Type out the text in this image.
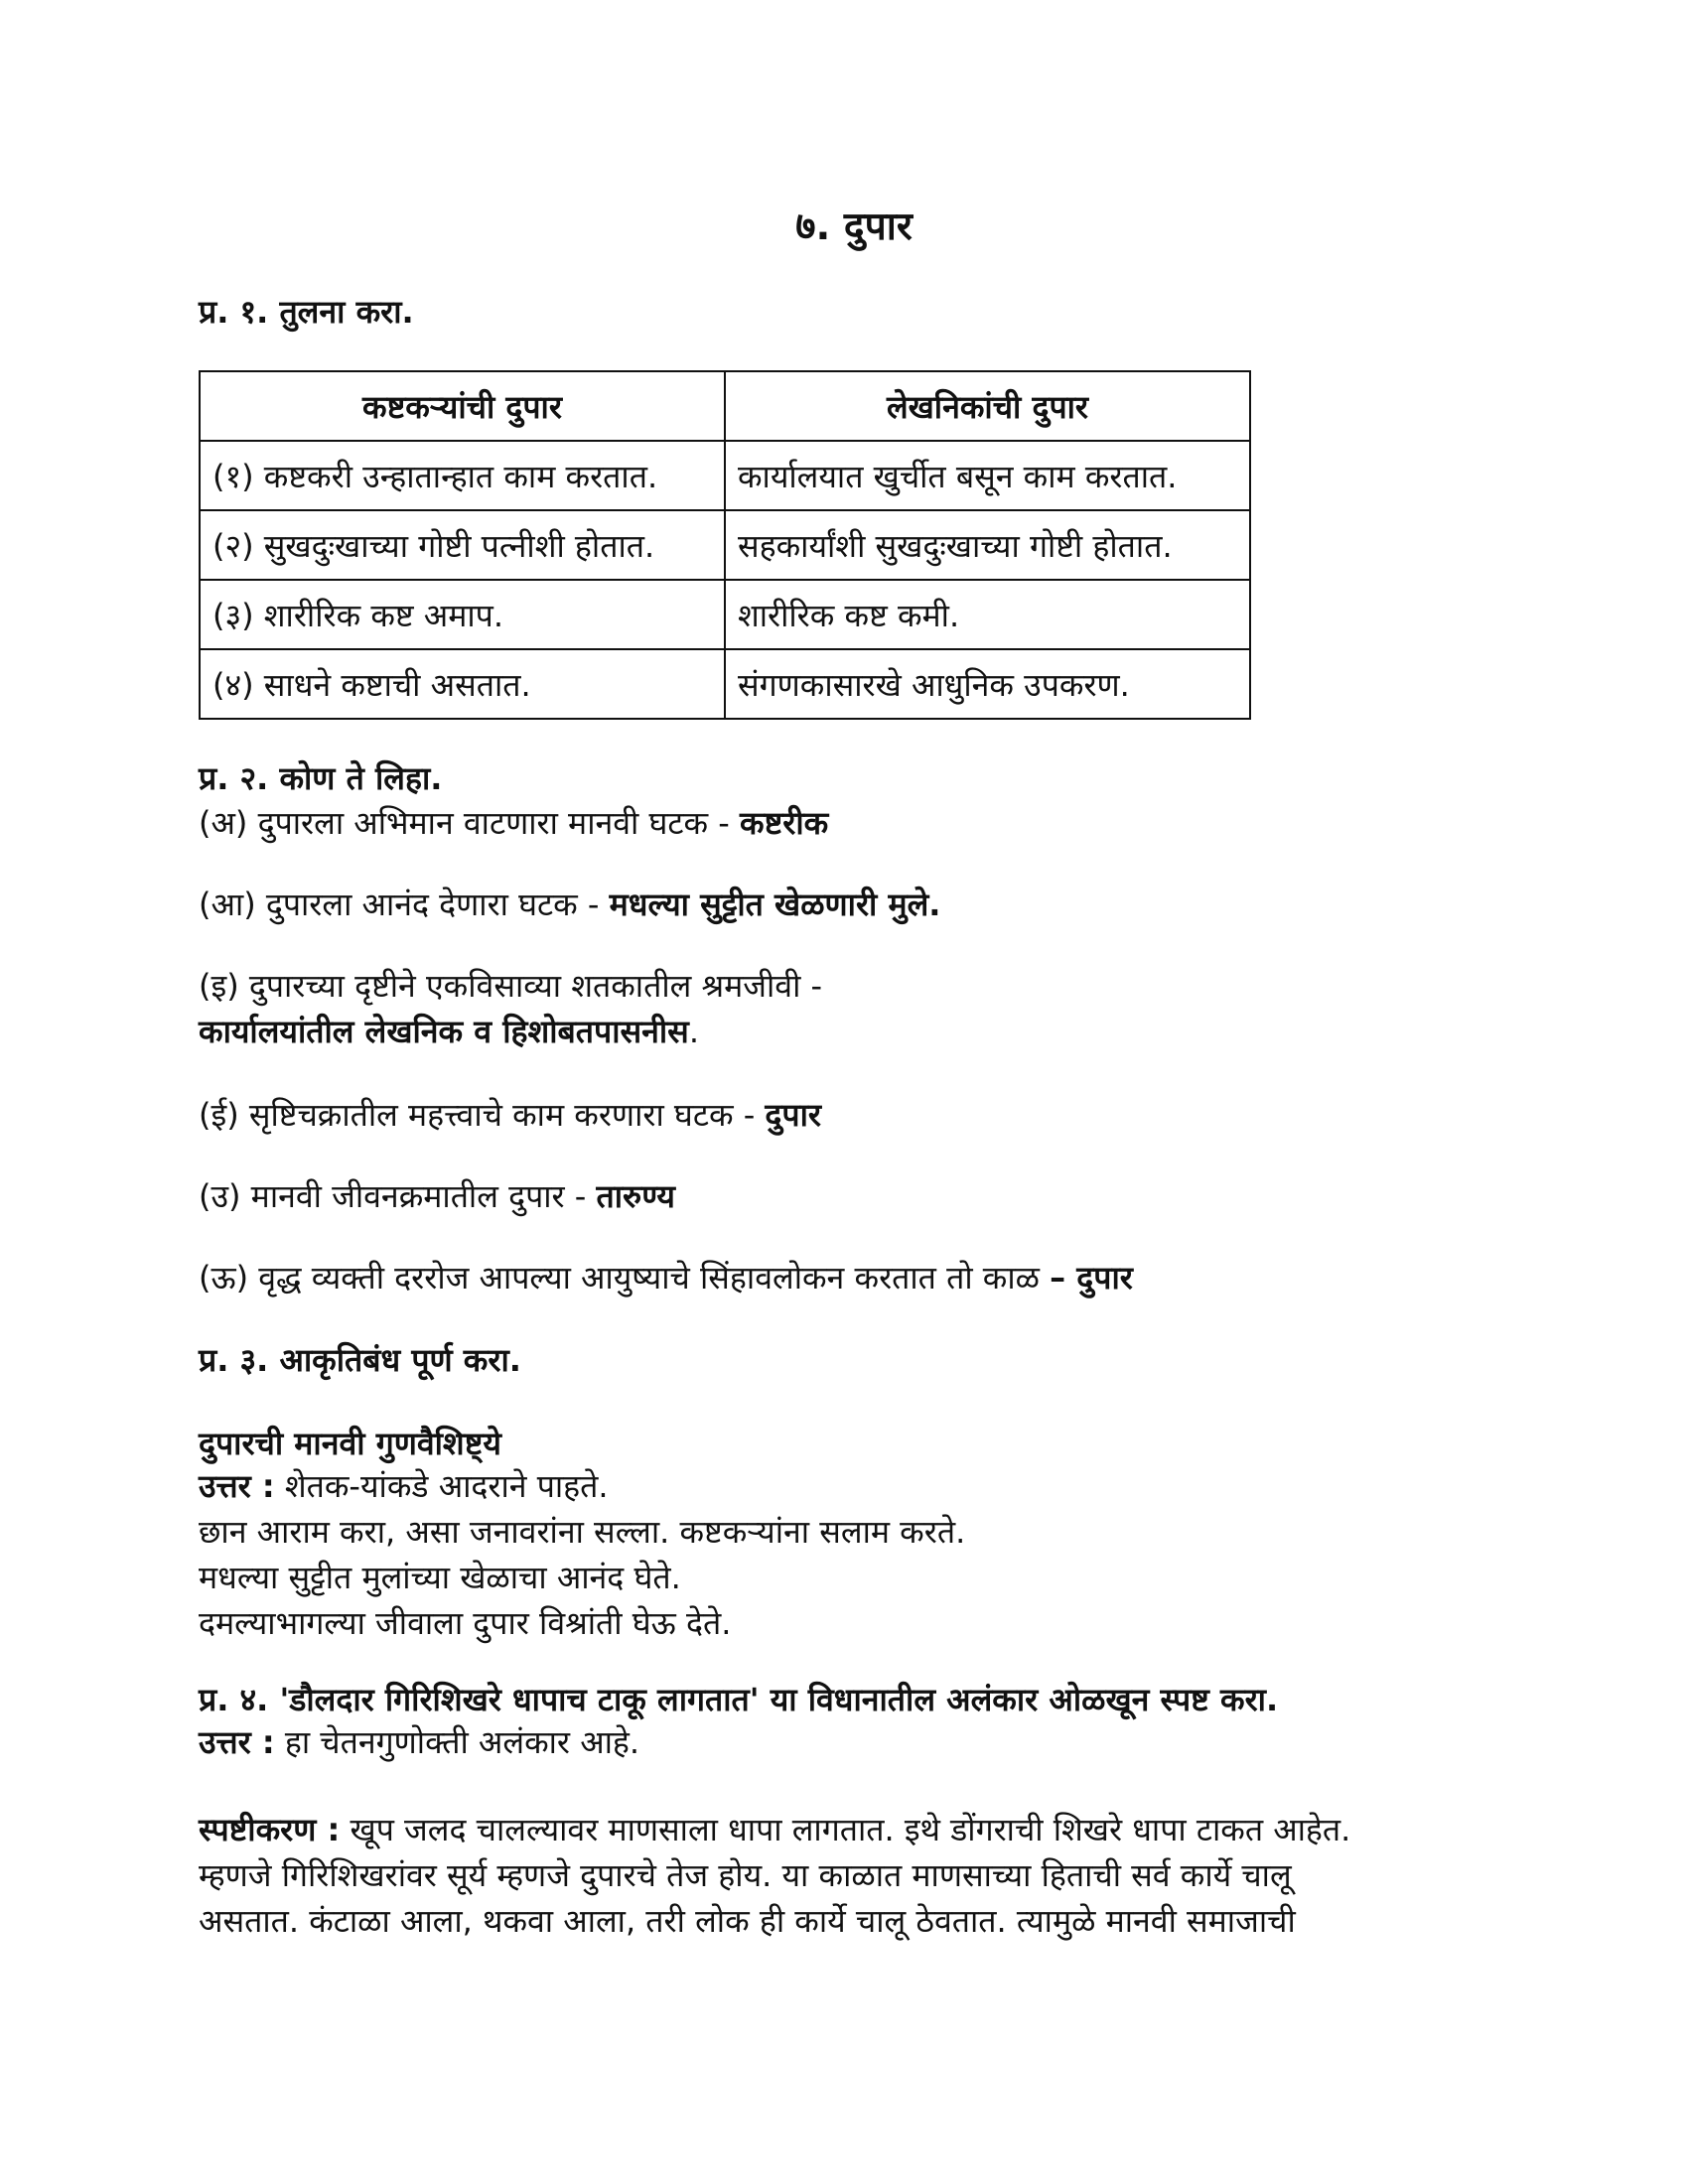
७. दुपार

प्र. १. तुलना करा.

कष्टकऱ्यांची दुपार	लेखनिकांची दुपार
(१) कष्टकरी उन्हातान्हात काम करतात.	कार्यालयात खुर्चीत बसून काम करतात.
(२) सुखदुःखाच्या गोष्टी पत्नीशी होतात.	सहकार्यांशी सुखदुःखाच्या गोष्टी होतात.
(३) शारीरिक कष्ट अमाप.	शारीरिक कष्ट कमी.
(४) साधने कष्टाची असतात.	संगणकासारखे आधुनिक उपकरण.

प्र. २. कोण ते लिहा.

(अ) दुपारला अभिमान वाटणारा मानवी घटक - कष्टरीक

(आ) दुपारला आनंद देणारा घटक - मधल्या सुट्टीत खेळणारी मुले.

(इ) दुपारच्या दृष्टीने एकविसाव्या शतकातील श्रमजीवी -

कार्यालयांतील लेखनिक व हिशोबतपासनीस.

(ई) सृष्टिचक्रातील महत्त्वाचे काम करणारा घटक - दुपार

(उ) मानवी जीवनक्रमातील दुपार - तारुण्य

(ऊ) वृद्ध व्यक्ती दररोज आपल्या आयुष्याचे सिंहावलोकन करतात तो काळ – दुपार

प्र. ३. आकृतिबंध पूर्ण करा.

दुपारची मानवी गुणवैशिष्ट्ये

उत्तर : शेतक-यांकडे आदराने पाहते.

छान आराम करा, असा जनावरांना सल्ला. कष्टकऱ्यांना सलाम करते.

मधल्या सुट्टीत मुलांच्या खेळाचा आनंद घेते.

दमल्याभागल्या जीवाला दुपार विश्रांती घेऊ देते.

प्र. ४. 'डौलदार गिरिशिखरे धापाच टाकू लागतात' या विधानातील अलंकार ओळखून स्पष्ट करा.

उत्तर : हा चेतनगुणोक्ती अलंकार आहे.

स्पष्टीकरण : खूप जलद चालल्यावर माणसाला धापा लागतात. इथे डोंगराची शिखरे धापा टाकत आहेत.

म्हणजे गिरिशिखरांवर सूर्य म्हणजे दुपारचे तेज होय. या काळात माणसाच्या हिताची सर्व कार्ये चालू

असतात. कंटाळा आला, थकवा आला, तरी लोक ही कार्ये चालू ठेवतात. त्यामुळे मानवी समाजाची
